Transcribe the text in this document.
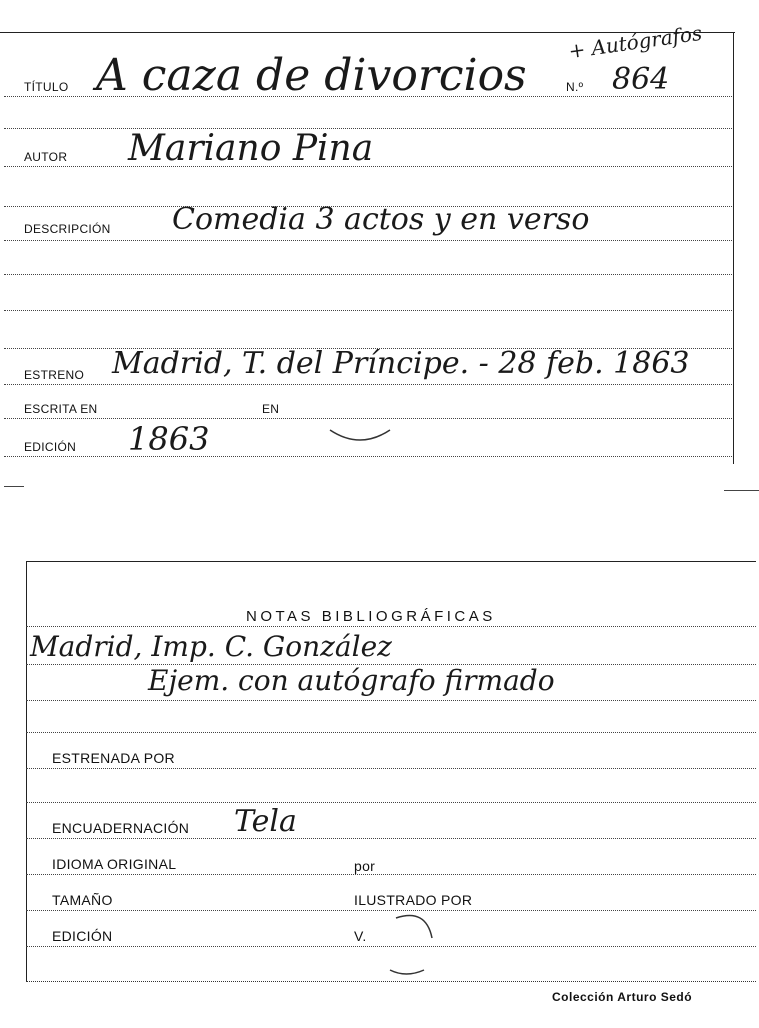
+ Autógrafos
TÍTULO A caza de divorcios	N.º 864
AUTOR Mariano Pina
DESCRIPCIÓN Comedia 3 actos y en verso
ESTRENO Madrid, T. del Príncipe. - 28 feb. 1863
ESCRITA EN	EN
EDICIÓN 1863
NOTAS BIBLIOGRÁFICAS
Madrid, Imp. C. González
Ejem. con autógrafo firmado
ESTRENADA POR
ENCUADERNACIÓN Tela
IDIOMA ORIGINAL	por
TAMAÑO	ILUSTRADO POR
EDICIÓN	V.
Colección Arturo Sedó
